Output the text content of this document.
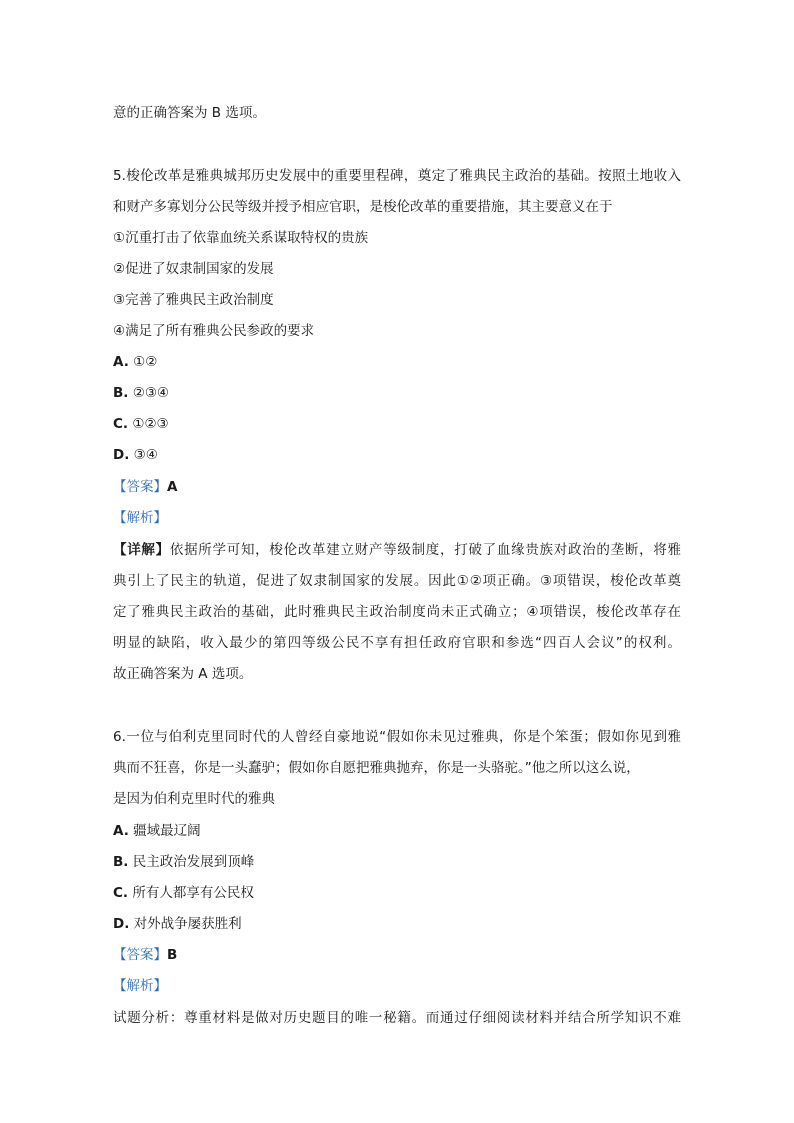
意的正确答案为 B 选项。
5.梭伦改革是雅典城邦历史发展中的重要里程碑，奠定了雅典民主政治的基础。按照土地收入
和财产多寡划分公民等级并授予相应官职，是梭伦改革的重要措施，其主要意义在于
①沉重打击了依靠血统关系谋取特权的贵族
②促进了奴隶制国家的发展
③完善了雅典民主政治制度
④满足了所有雅典公民参政的要求
A. ①②
B. ②③④
C. ①②③
D. ③④
【答案】A
【解析】
【详解】依据所学可知，梭伦改革建立财产等级制度，打破了血缘贵族对政治的垄断，将雅
典引上了民主的轨道，促进了奴隶制国家的发展。因此①②项正确。③项错误，梭伦改革奠
定了雅典民主政治的基础，此时雅典民主政治制度尚未正式确立；④项错误，梭伦改革存在
明显的缺陷，收入最少的第四等级公民不享有担任政府官职和参选“四百人会议”的权利。
故正确答案为 A 选项。
6.一位与伯利克里同时代的人曾经自豪地说“假如你未见过雅典，你是个笨蛋；假如你见到雅
典而不狂喜，你是一头蠢驴；假如你自愿把雅典抛弃，你是一头骆驼。”他之所以这么说，
是因为伯利克里时代的雅典
A. 疆域最辽阔
B. 民主政治发展到顶峰
C. 所有人都享有公民权
D. 对外战争屡获胜利
【答案】B
【解析】
试题分析：尊重材料是做对历史题目的唯一秘籍。而通过仔细阅读材料并结合所学知识不难
